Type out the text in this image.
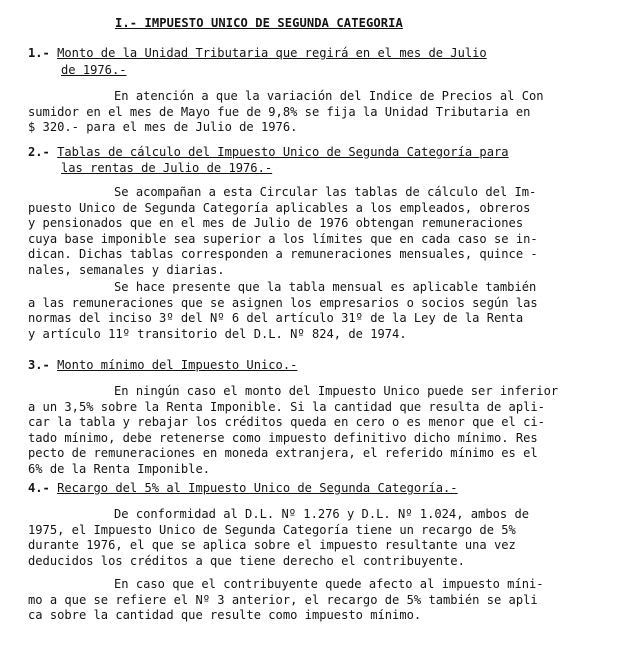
I.- IMPUESTO UNICO DE SEGUNDA CATEGORIA
1.- Monto de la Unidad Tributaria que regirá en el mes de Julio
de 1976.-
En atención a que la variación del Indice de Precios al Con
sumidor en el mes de Mayo fue de 9,8% se fija la Unidad Tributaria en
$ 320.- para el mes de Julio de 1976.
2.- Tablas de cálculo del Impuesto Unico de Segunda Categoría para
las rentas de Julio de 1976.-
Se acompañan a esta Circular las tablas de cálculo del Im-
puesto Unico de Segunda Categoría aplicables a los empleados, obreros
y pensionados que en el mes de Julio de 1976 obtengan remuneraciones
cuya base imponible sea superior a los límites que en cada caso se in-
dican. Dichas tablas corresponden a remuneraciones mensuales, quince -
nales, semanales y diarias.
Se hace presente que la tabla mensual es aplicable también
a las remuneraciones que se asignen los empresarios o socios según las
normas del inciso 3º del Nº 6 del artículo 31º de la Ley de la Renta
y artículo 11º transitorio del D.L. Nº 824, de 1974.
3.- Monto mínimo del Impuesto Unico.-
En ningún caso el monto del Impuesto Unico puede ser inferior
a un 3,5% sobre la Renta Imponible. Si la cantidad que resulta de apli-
car la tabla y rebajar los créditos queda en cero o es menor que el ci-
tado mínimo, debe retenerse como impuesto definitivo dicho mínimo. Res
pecto de remuneraciones en moneda extranjera, el referido mínimo es el
6% de la Renta Imponible.
4.- Recargo del 5% al Impuesto Unico de Segunda Categoría.-
De conformidad al D.L. Nº 1.276 y D.L. Nº 1.024, ambos de
1975, el Impuesto Unico de Segunda Categoría tiene un recargo de 5%
durante 1976, el que se aplica sobre el impuesto resultante una vez
deducidos los créditos a que tiene derecho el contribuyente.
En caso que el contribuyente quede afecto al impuesto míni-
mo a que se refiere el Nº 3 anterior, el recargo de 5% también se apli
ca sobre la cantidad que resulte como impuesto mínimo.
